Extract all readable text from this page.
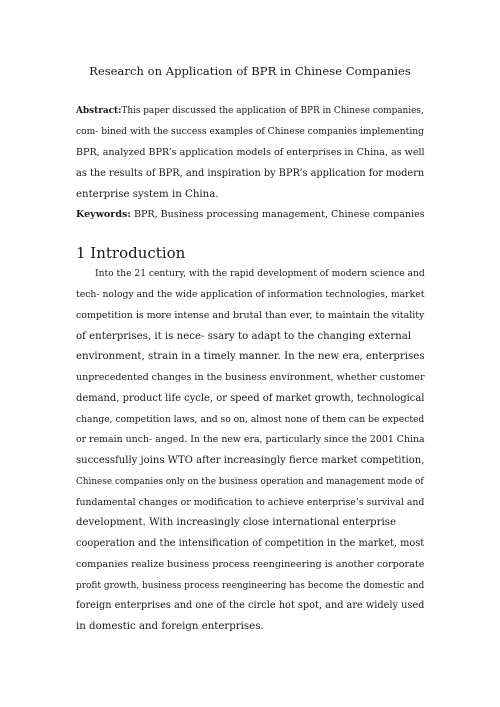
Research on Application of BPR in Chinese Companies
Abstract:This paper discussed the application of BPR in Chinese companies,
com- bined with the success examples of Chinese companies implementing
BPR, analyzed BPR’s application models of enterprises in China, as well
as the results of BPR, and inspiration by BPR’s application for modern
enterprise system in China.
Keywords: BPR, Business processing management, Chinese companies
1 Introduction
Into the 21 century, with the rapid development of modern science and
tech- nology and the wide application of information technologies, market
competition is more intense and brutal than ever, to maintain the vitality
of enterprises, it is nece- ssary to adapt to the changing external
environment, strain in a timely manner. In the new era, enterprises
unprecedented changes in the business environment, whether customer
demand, product life cycle, or speed of market growth, technological
change, competition laws, and so on, almost none of them can be expected
or remain unch- anged. In the new era, particularly since the 2001 China
successfully joins WTO after increasingly fierce market competition,
Chinese companies only on the business operation and management mode of
fundamental changes or modification to achieve enterprise’s survival and
development. With increasingly close international enterprise
cooperation and the intensification of competition in the market, most
companies realize business process reengineering is another corporate
profit growth, business process reengineering has become the domestic and
foreign enterprises and one of the circle hot spot, and are widely used
in domestic and foreign enterprises.
